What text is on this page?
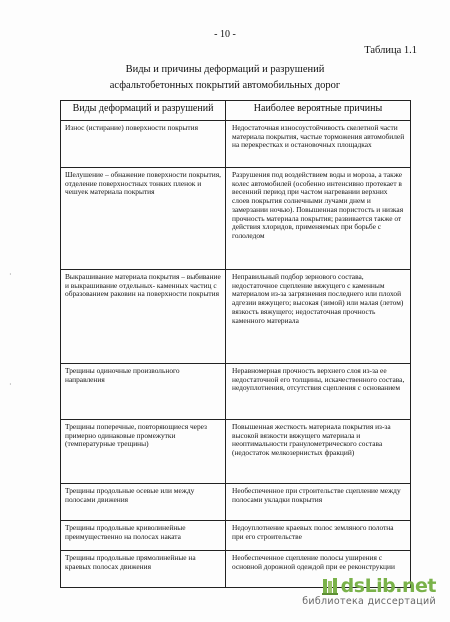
- 10 -
Таблица 1.1
Виды и причины деформаций и разрушений
асфальтобетонных покрытий автомобильных дорог
·
·
Виды деформаций и разрушений	Наиболее вероятные причины
Износ (истирание) поверхности покрытия	Недостаточная износоустойчивость скелетной части материала покрытия, частые торможения автомобилей на перекрестках и остановочных площадках
Шелушение – обнажение поверхности покрытия, отделение поверхностных тонких пленок и чешуек материала покрытия	Разрушения под воздействием воды и мороза, а также колес автомобилей (особенно интенсивно протекает в весенний период при частом нагревании верхних слоев покрытия солнечными лучами днем и замерзании ночью). Повышенная пористость и низкая прочность материала покрытия; развивается также от действия хлоридов, применяемых при борьбе с гололедом
Выкрашивание материала покрытия – выбивание и выкрашивание отдельных- каменных частиц с образованием раковин на поверхности покрытия	Неправильный подбор зернового состава, недостаточное сцепление вяжущего с каменным материалом из-за загрязнения последнего или плохой адгезии вяжущего; высокая (зимой) или малая (летом) вязкость вяжущего; недостаточная прочность каменного материала
Трещины одиночные произвольного направления	Неравномерная прочность верхнего слоя из-за ее недостаточной его толщины, искачественного состава, недоуплотнения, отсутствия сцепления с основанием
Трещины поперечные, повторяющиеся через примерно одинаковые промежутки (температурные трещины)	Повышенная жесткость материала покрытия из-за высокой вязкости вяжущего материала и неоптимальности гранулометрического состава (недостаток мелкозернистых фракций)
Трещины продольные осевые или между полосами движения	Необеспеченное при строительстве сцепление между полосами укладки покрытия
Трещины продольные криволинейные преимущественно на полосах наката	Недоуплотнение краевых полос земляного полотна при его строительстве
Трещины продольные прямолинейные на краевых полосах движения	Необеспеченное сцепление полосы уширения с основной дорожной одеждой при ее реконструкции
dsLib.net
библиотека диссертаций
